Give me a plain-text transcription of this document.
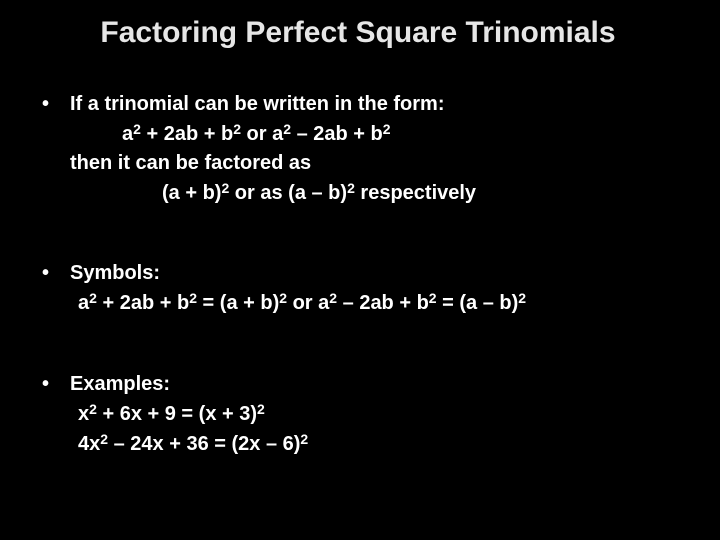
Factoring Perfect Square Trinomials
• If a trinomial can be written in the form:
$a^2 + 2ab + b^2$ or $a^2 - 2ab + b^2$
then it can be factored as
$(a + b)^2$ or as (a – b)$^2$ respectively
• Symbols:
$a^2 + 2ab + b^2 = (a + b)^2$ or $a^2 - 2ab + b^2 = (a - b)^2$
• Examples:
$x^2 + 6x + 9 = (x + 3)^2$
$4x^2 - 24x + 36 = (2x - 6)^2$
